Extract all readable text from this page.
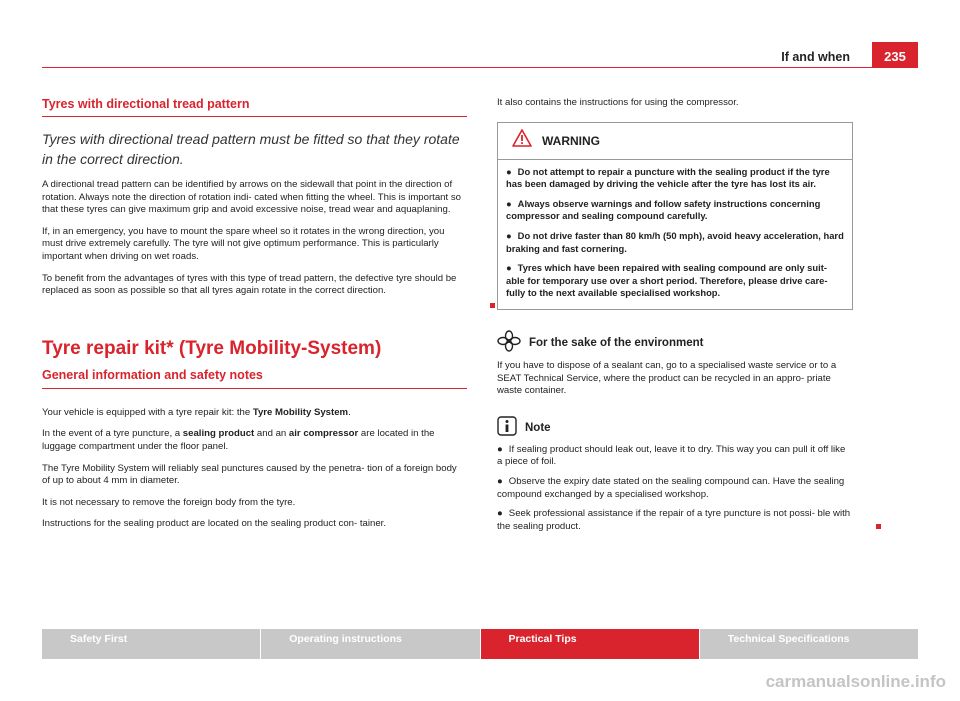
If and when	235
Tyres with directional tread pattern
Tyres with directional tread pattern must be fitted so that they rotate in the correct direction.

A directional tread pattern can be identified by arrows on the sidewall that point in the direction of rotation. Always note the direction of rotation indi- cated when fitting the wheel. This is important so that these tyres can give maximum grip and avoid excessive noise, tread wear and aquaplaning.

If, in an emergency, you have to mount the spare wheel so it rotates in the wrong direction, you must drive extremely carefully. The tyre will not give optimum performance. This is particularly important when driving on wet roads.

To benefit from the advantages of tyres with this type of tread pattern, the defective tyre should be replaced as soon as possible so that all tyres again rotate in the correct direction.

Tyre repair kit* (Tyre Mobility-System)
General information and safety notes

Your vehicle is equipped with a tyre repair kit: the Tyre Mobility System.

In the event of a tyre puncture, a sealing product and an air compressor are located in the luggage compartment under the floor panel.

The Tyre Mobility System will reliably seal punctures caused by the penetra- tion of a foreign body of up to about 4 mm in diameter.

It is not necessary to remove the foreign body from the tyre.

Instructions for the sealing product are located on the sealing product con- tainer.

It also contains the instructions for using the compressor.

WARNING
● Do not attempt to repair a puncture with the sealing product if the tyre has been damaged by driving the vehicle after the tyre has lost its air.
● Always observe warnings and follow safety instructions concerning compressor and sealing compound carefully.
● Do not drive faster than 80 km/h (50 mph), avoid heavy acceleration, hard braking and fast cornering.
● Tyres which have been repaired with sealing compound are only suit- able for temporary use over a short period. Therefore, please drive care- fully to the next available specialised workshop.
For the sake of the environment

If you have to dispose of a sealant can, go to a specialised waste service or to a SEAT Technical Service, where the product can be recycled in an appro- priate waste container.

Note
● If sealing product should leak out, leave it to dry. This way you can pull it off like a piece of foil.
● Observe the expiry date stated on the sealing compound can. Have the sealing compound exchanged by a specialised workshop.
● Seek professional assistance if the repair of a tyre puncture is not possi- ble with the sealing product.
Safety First	Operating instructions	Practical Tips	Technical Specifications
carmanualsonline.info
